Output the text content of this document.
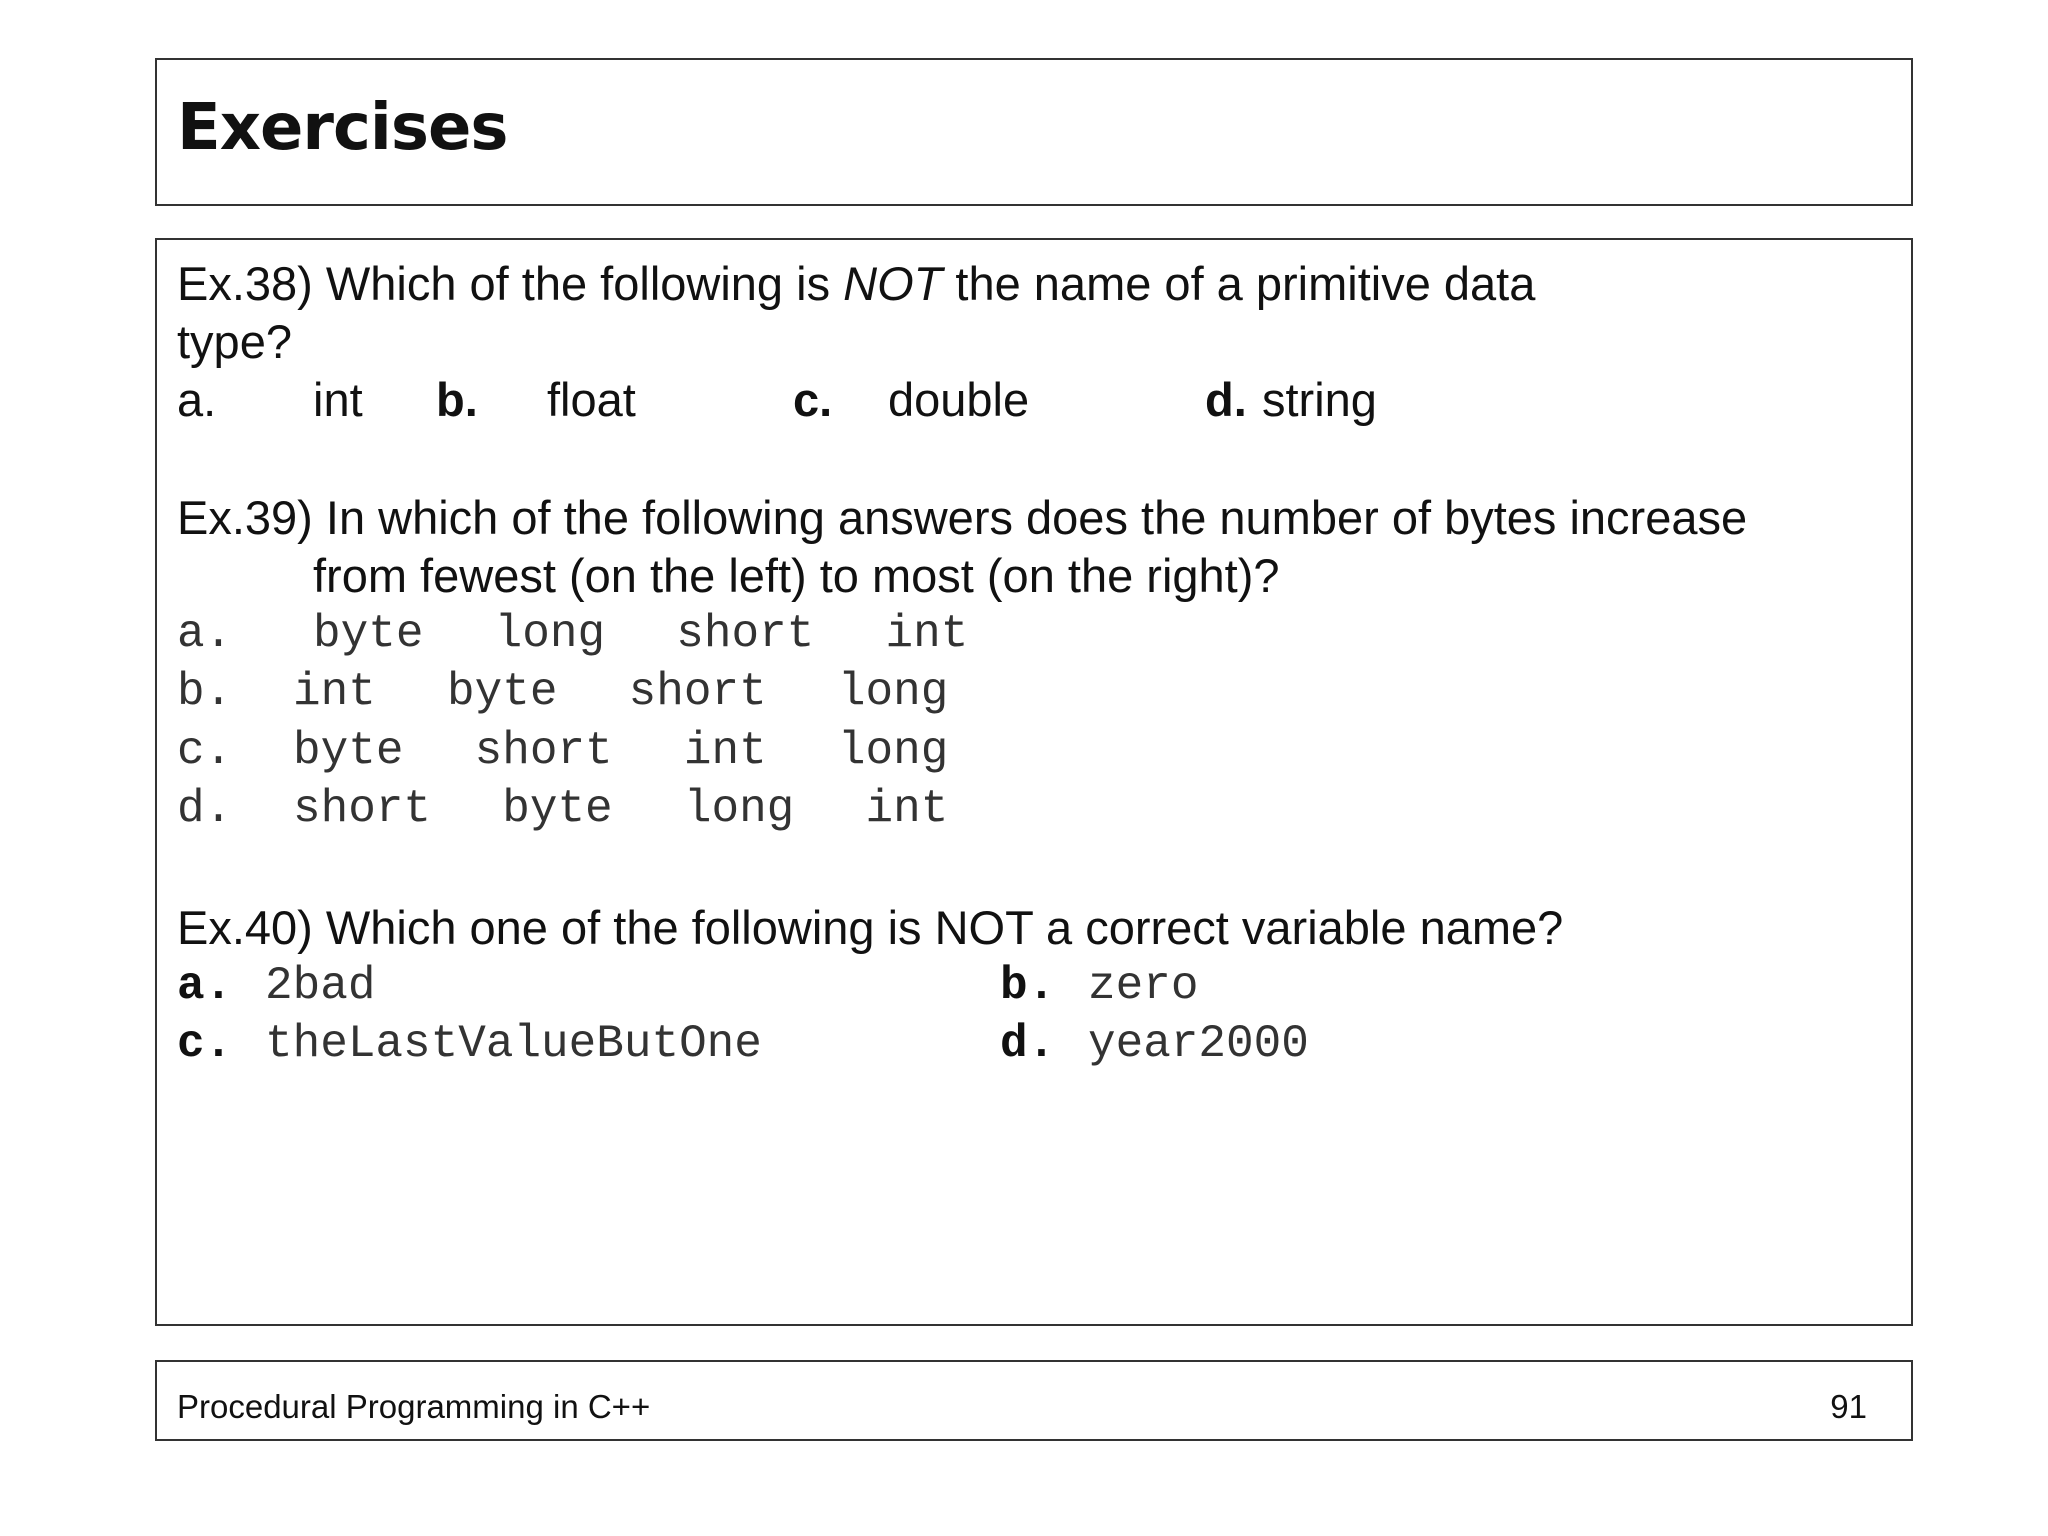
Exercises
Ex.38) Which of the following is NOT the name of a primitive data
type?
a. int b. float	c. double	d. string
Ex.39) In which of the following answers does the number of bytes increase
from fewest (on the left) to most (on the right)?
a. byte  long  short  int
b. int  byte  short  long
c. byte  short  int  long
d. short  byte  long  int
Ex.40) Which one of the following is NOT a correct variable name?
a. 2bad	b. zero
c. theLastValueButOne	d. year2000
Procedural Programming in C++	91
